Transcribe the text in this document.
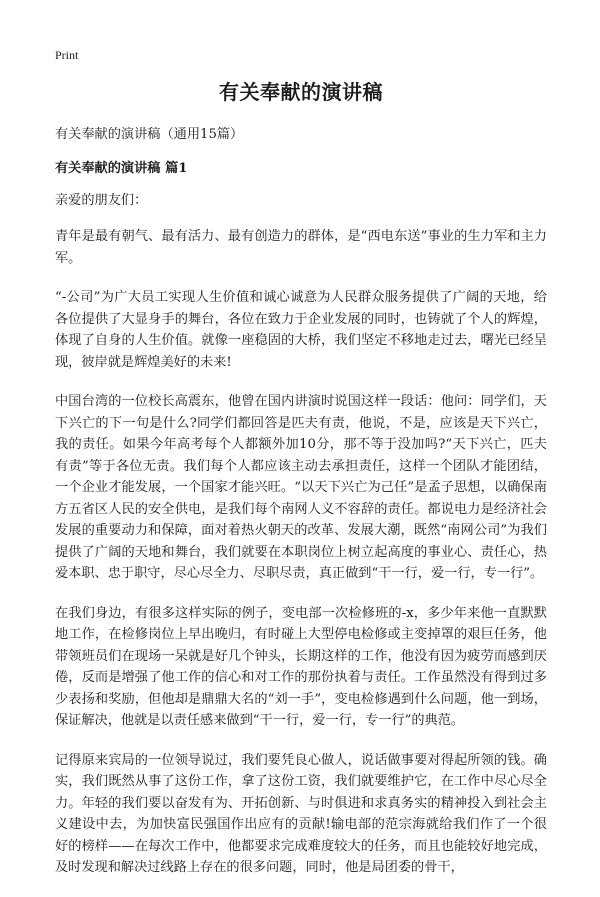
Print
有关奉献的演讲稿
有关奉献的演讲稿（通用15篇）
有关奉献的演讲稿 篇1
亲爱的朋友们：

青年是最有朝气、最有活力、最有创造力的群体，是“西电东送”事业的生力军和主力军。

“-公司”为广大员工实现人生价值和诚心诚意为人民群众服务提供了广阔的天地，给各位提供了大显身手的舞台，各位在致力于企业发展的同时，也铸就了个人的辉煌，体现了自身的人生价值。就像一座稳固的大桥，我们坚定不移地走过去，曙光已经呈现，彼岸就是辉煌美好的未来!

中国台湾的一位校长高震东，他曾在国内讲演时说国这样一段话：他问：同学们，天下兴亡的下一句是什么?同学们都回答是匹夫有责，他说，不是，应该是天下兴亡，我的责任。如果今年高考每个人都额外加10分，那不等于没加吗?“天下兴亡，匹夫有责”等于各位无责。我们每个人都应该主动去承担责任，这样一个团队才能团结，一个企业才能发展，一个国家才能兴旺。“以天下兴亡为己任”是孟子思想，以确保南方五省区人民的安全供电，是我们每个南网人义不容辞的责任。都说电力是经济社会发展的重要动力和保障，面对着热火朝天的改革、发展大潮，既然“南网公司”为我们提供了广阔的天地和舞台，我们就要在本职岗位上树立起高度的事业心、责任心，热爱本职、忠于职守，尽心尽全力、尽职尽责，真正做到“干一行，爱一行，专一行”。

在我们身边，有很多这样实际的例子，变电部一次检修班的-x，多少年来他一直默默地工作，在检修岗位上早出晚归，有时碰上大型停电检修或主变掉罩的艰巨任务，他带领班员们在现场一呆就是好几个钟头，长期这样的工作，他没有因为疲劳而感到厌倦，反而是增强了他工作的信心和对工作的那份执着与责任。工作虽然没有得到过多少表扬和奖励，但他却是鼎鼎大名的“刘一手”，变电检修遇到什么问题，他一到场，保证解决，他就是以责任感来做到“干一行，爱一行，专一行”的典范。

记得原来宾局的一位领导说过，我们要凭良心做人，说话做事要对得起所领的钱。确实，我们既然从事了这份工作，拿了这份工资，我们就要维护它，在工作中尽心尽全力。年轻的我们要以奋发有为、开拓创新、与时俱进和求真务实的精神投入到社会主义建设中去，为加快富民强国作出应有的贡献!输电部的范宗海就给我们作了一个很好的榜样——在每次工作中，他都要求完成难度较大的任务，而且也能较好地完成，及时发现和解决过线路上存在的很多问题，同时，他是局团委的骨干，
